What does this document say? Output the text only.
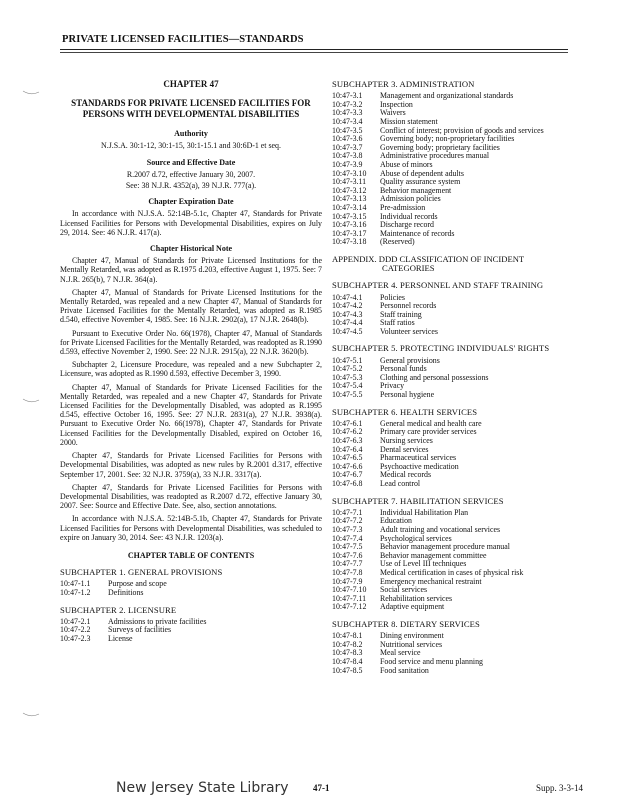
PRIVATE LICENSED FACILITIES—STANDARDS
CHAPTER 47
STANDARDS FOR PRIVATE LICENSED FACILITIES FOR PERSONS WITH DEVELOPMENTAL DISABILITIES
Authority
N.J.S.A. 30:1-12, 30:1-15, 30:1-15.1 and 30:6D-1 et seq.
Source and Effective Date
R.2007 d.72, effective January 30, 2007.
See: 38 N.J.R. 4352(a), 39 N.J.R. 777(a).
Chapter Expiration Date

In accordance with N.J.S.A. 52:14B-5.1c, Chapter 47, Standards for Private Licensed Facilities for Persons with Developmental Disabilities, expires on July 29, 2014. See: 46 N.J.R. 417(a).

Chapter Historical Note

Chapter 47, Manual of Standards for Private Licensed Institutions for the Mentally Retarded, was adopted as R.1975 d.203, effective August 1, 1975. See: 7 N.J.R. 265(b), 7 N.J.R. 364(a).

Chapter 47, Manual of Standards for Private Licensed Institutions for the Mentally Retarded, was repealed and a new Chapter 47, Manual of Standards for Private Licensed Facilities for the Mentally Retarded, was adopted as R.1985 d.540, effective November 4, 1985. See: 16 N.J.R. 2902(a), 17 N.J.R. 2648(b).

Pursuant to Executive Order No. 66(1978), Chapter 47, Manual of Standards for Private Licensed Facilities for the Mentally Retarded, was readopted as R.1990 d.593, effective November 2, 1990. See: 22 N.J.R. 2915(a), 22 N.J.R. 3620(b).

Subchapter 2, Licensure Procedure, was repealed and a new Subchapter 2, Licensure, was adopted as R.1990 d.593, effective December 3, 1990.

Chapter 47, Manual of Standards for Private Licensed Facilities for the Mentally Retarded, was repealed and a new Chapter 47, Standards for Private Licensed Facilities for the Developmentally Disabled, was adopted as R.1995 d.545, effective October 16, 1995. See: 27 N.J.R. 2831(a), 27 N.J.R. 3938(a). Pursuant to Executive Order No. 66(1978), Chapter 47, Standards for Private Licensed Facilities for the Developmentally Disabled, expired on October 16, 2000.

Chapter 47, Standards for Private Licensed Facilities for Persons with Developmental Disabilities, was adopted as new rules by R.2001 d.317, effective September 17, 2001. See: 32 N.J.R. 3759(a), 33 N.J.R. 3317(a).

Chapter 47, Standards for Private Licensed Facilities for Persons with Developmental Disabilities, was readopted as R.2007 d.72, effective January 30, 2007. See: Source and Effective Date. See, also, section annotations.

In accordance with N.J.S.A. 52:14B-5.1b, Chapter 47, Standards for Private Licensed Facilities for Persons with Developmental Disabilities, was scheduled to expire on January 30, 2014. See: 43 N.J.R. 1203(a).

CHAPTER TABLE OF CONTENTS
SUBCHAPTER 1. GENERAL PROVISIONS
10:47-1.1	Purpose and scope
10:47-1.2	Definitions
SUBCHAPTER 2. LICENSURE
10:47-2.1	Admissions to private facilities
10:47-2.2	Surveys of facilities
10:47-2.3	License
SUBCHAPTER 3. ADMINISTRATION
10:47-3.1	Management and organizational standards
10:47-3.2	Inspection
10:47-3.3	Waivers
10:47-3.4	Mission statement
10:47-3.5	Conflict of interest; provision of goods and services
10:47-3.6	Governing body; non-proprietary facilities
10:47-3.7	Governing body; proprietary facilities
10:47-3.8	Administrative procedures manual
10:47-3.9	Abuse of minors
10:47-3.10	Abuse of dependent adults
10:47-3.11	Quality assurance system
10:47-3.12	Behavior management
10:47-3.13	Admission policies
10:47-3.14	Pre-admission
10:47-3.15	Individual records
10:47-3.16	Discharge record
10:47-3.17	Maintenance of records
10:47-3.18	(Reserved)
APPENDIX. DDD CLASSIFICATION OF INCIDENT
CATEGORIES
SUBCHAPTER 4. PERSONNEL AND STAFF TRAINING
10:47-4.1	Policies
10:47-4.2	Personnel records
10:47-4.3	Staff training
10:47-4.4	Staff ratios
10:47-4.5	Volunteer services
SUBCHAPTER 5. PROTECTING INDIVIDUALS' RIGHTS
10:47-5.1	General provisions
10:47-5.2	Personal funds
10:47-5.3	Clothing and personal possessions
10:47-5.4	Privacy
10:47-5.5	Personal hygiene
SUBCHAPTER 6. HEALTH SERVICES
10:47-6.1	General medical and health care
10:47-6.2	Primary care provider services
10:47-6.3	Nursing services
10:47-6.4	Dental services
10:47-6.5	Pharmaceutical services
10:47-6.6	Psychoactive medication
10:47-6.7	Medical records
10:47-6.8	Lead control
SUBCHAPTER 7. HABILITATION SERVICES
10:47-7.1	Individual Habilitation Plan
10:47-7.2	Education
10:47-7.3	Adult training and vocational services
10:47-7.4	Psychological services
10:47-7.5	Behavior management procedure manual
10:47-7.6	Behavior management committee
10:47-7.7	Use of Level III techniques
10:47-7.8	Medical certification in cases of physical risk
10:47-7.9	Emergency mechanical restraint
10:47-7.10	Social services
10:47-7.11	Rehabilitation services
10:47-7.12	Adaptive equipment
SUBCHAPTER 8. DIETARY SERVICES
10:47-8.1	Dining environment
10:47-8.2	Nutritional services
10:47-8.3	Meal service
10:47-8.4	Food service and menu planning
10:47-8.5	Food sanitation
New Jersey State Library	47-1	Supp. 3-3-14
